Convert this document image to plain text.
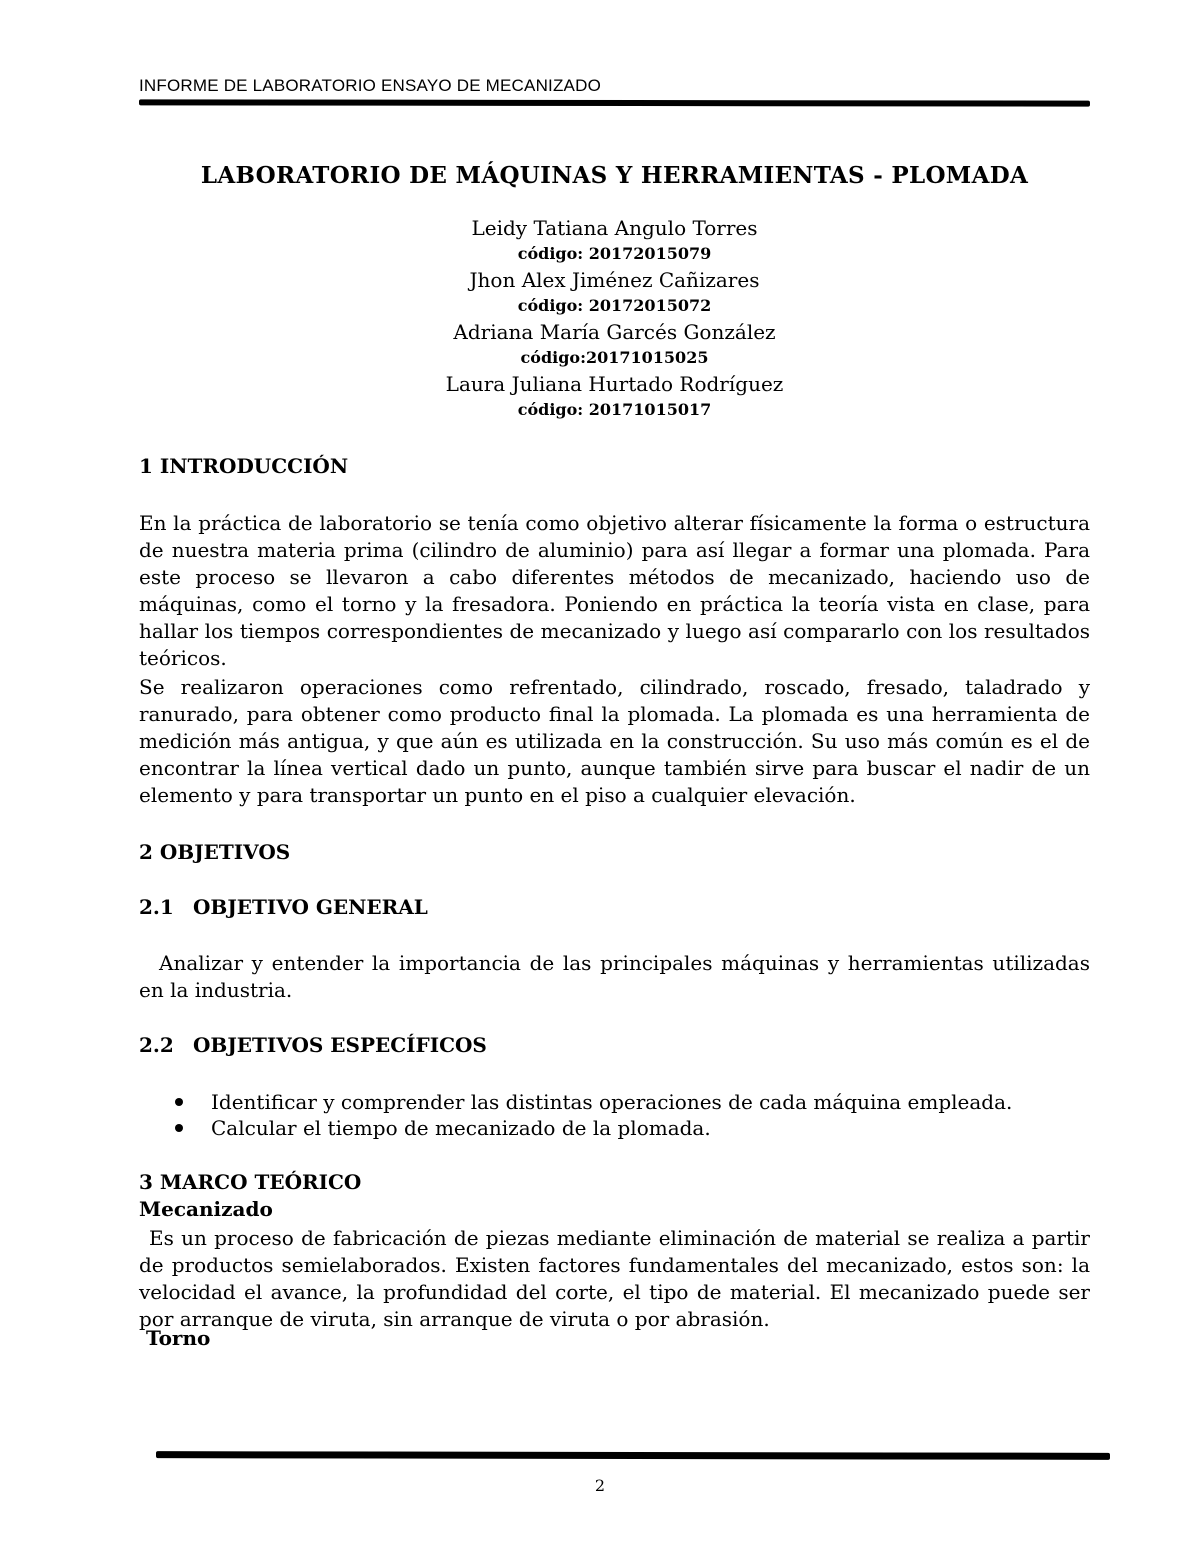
INFORME DE LABORATORIO ENSAYO DE MECANIZADO
LABORATORIO DE MÁQUINAS Y HERRAMIENTAS - PLOMADA
Leidy Tatiana Angulo Torres
código: 20172015079
Jhon Alex Jiménez Cañizares
código: 20172015072
Adriana María Garcés González
código:20171015025
Laura Juliana Hurtado Rodríguez
código: 20171015017
1 INTRODUCCIÓN
En la práctica de laboratorio se tenía como objetivo alterar físicamente la forma o estructura de nuestra materia prima (cilindro de aluminio) para así llegar a formar una plomada. Para este proceso se llevaron a cabo diferentes métodos de mecanizado, haciendo uso de máquinas, como el torno y la fresadora. Poniendo en práctica la teoría vista en clase, para hallar los tiempos correspondientes de mecanizado y luego así compararlo con los resultados teóricos.
Se realizaron operaciones como refrentado, cilindrado, roscado, fresado, taladrado y ranurado, para obtener como producto final la plomada. La plomada es una herramienta de medición más antigua, y que aún es utilizada en la construcción. Su uso más común es el de encontrar la línea vertical dado un punto, aunque también sirve para buscar el nadir de un elemento y para transportar un punto en el piso a cualquier elevación.
2 OBJETIVOS
2.1 OBJETIVO GENERAL
Analizar y entender la importancia de las principales máquinas y herramientas utilizadas en la industria.
2.2 OBJETIVOS ESPECÍFICOS
Identificar y comprender las distintas operaciones de cada máquina empleada.
Calcular el tiempo de mecanizado de la plomada.
3 MARCO TEÓRICO
Mecanizado
Es un proceso de fabricación de piezas mediante eliminación de material se realiza a partir de productos semielaborados. Existen factores fundamentales del mecanizado, estos son: la velocidad el avance, la profundidad del corte, el tipo de material. El mecanizado puede ser por arranque de viruta, sin arranque de viruta o por abrasión.
Torno
2
